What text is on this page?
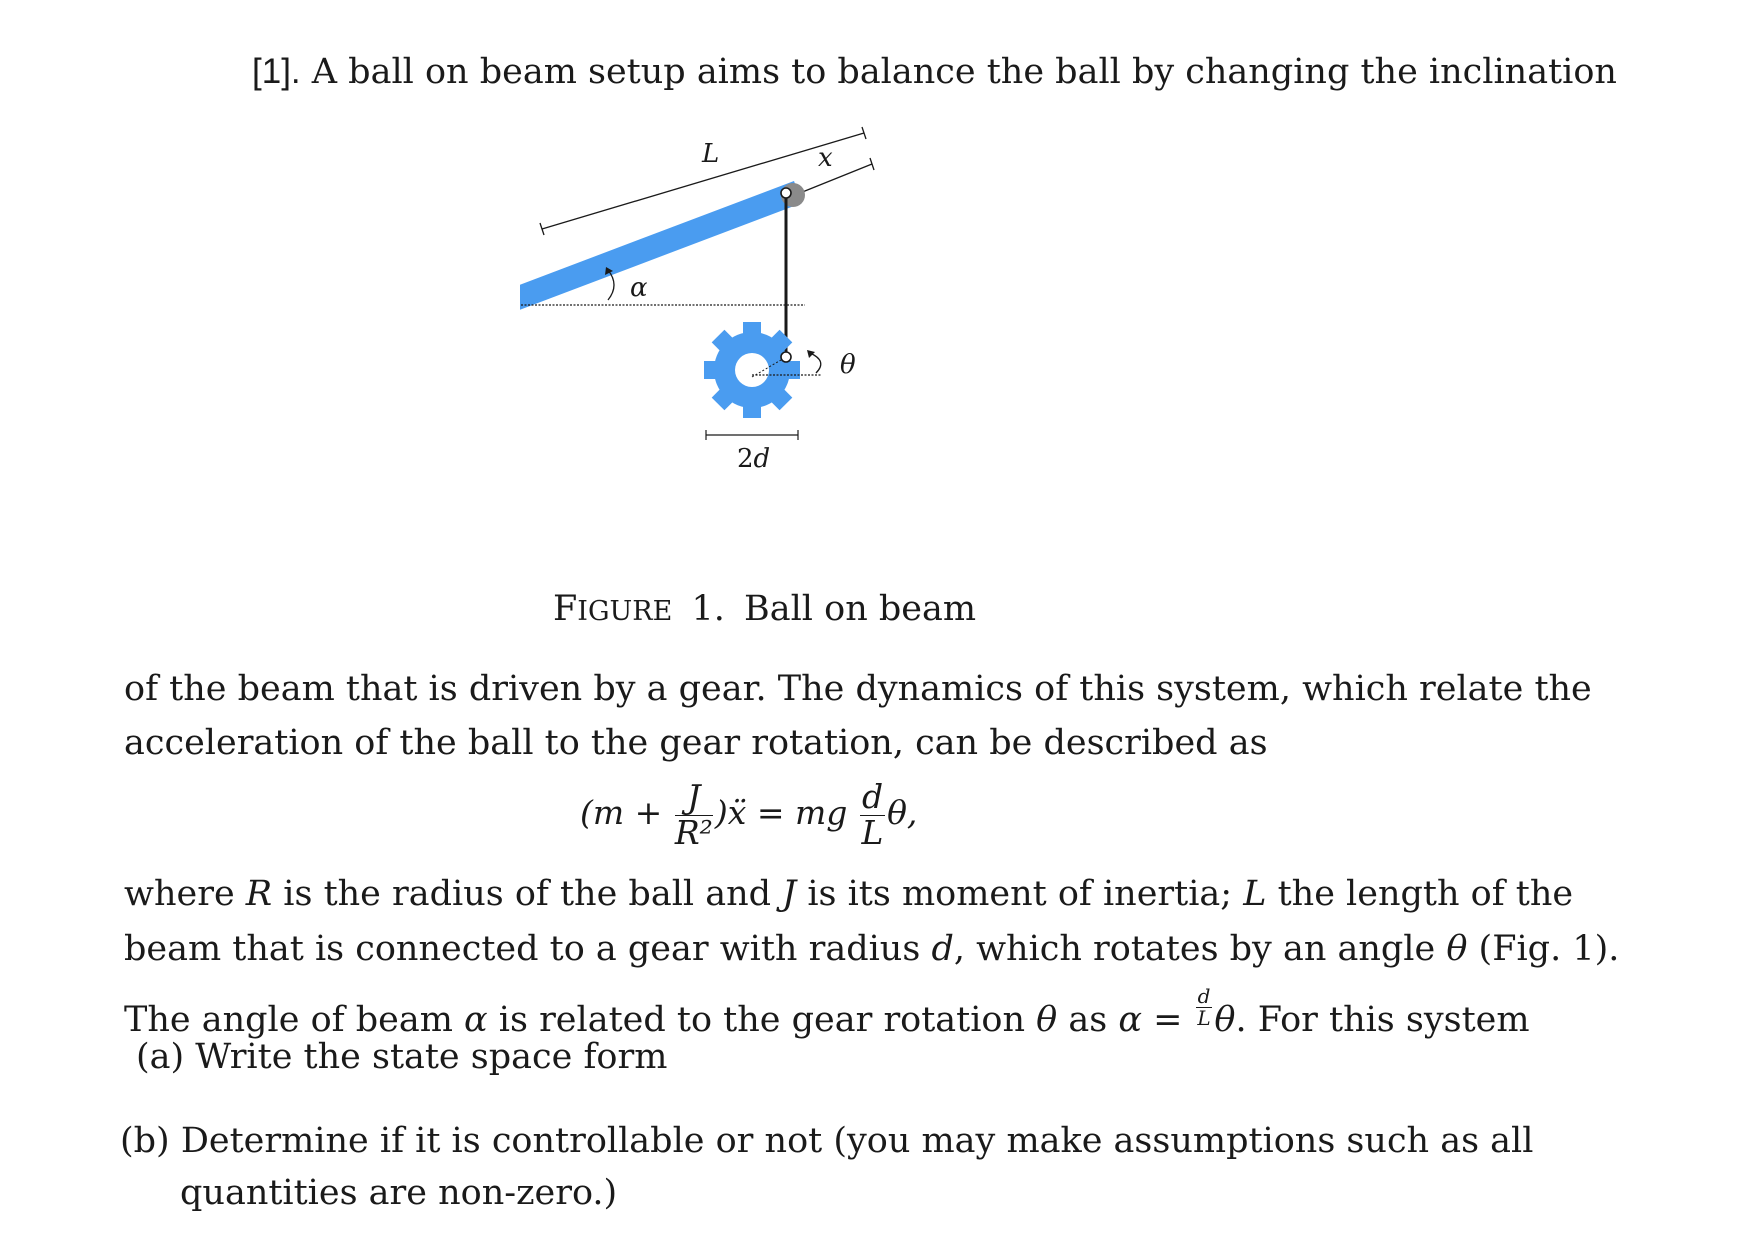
[1]. A ball on beam setup aims to balance the ball by changing the inclination
L	x
α
θ
2d
FIGURE 1. Ball on beam
of the beam that is driven by a gear. The dynamics of this system, which relate the
acceleration of the ball to the gear rotation, can be described as
($m + \frac{J}{\text{R²}}$ )ẍ = mg $\frac{d}{L} \theta$,
where R is the radius of the ball and J is its moment of inertia; L the length of the
beam that is connected to a gear with radius d, which rotates by an angle θ (Fig. 1).
The angle of beam α is related to the gear rotation θ as $\alpha = \frac{d}{L} \theta$. For this system
(a) Write the state space form
(b) Determine if it is controllable or not (you may make assumptions such as all
quantities are non-zero.)
